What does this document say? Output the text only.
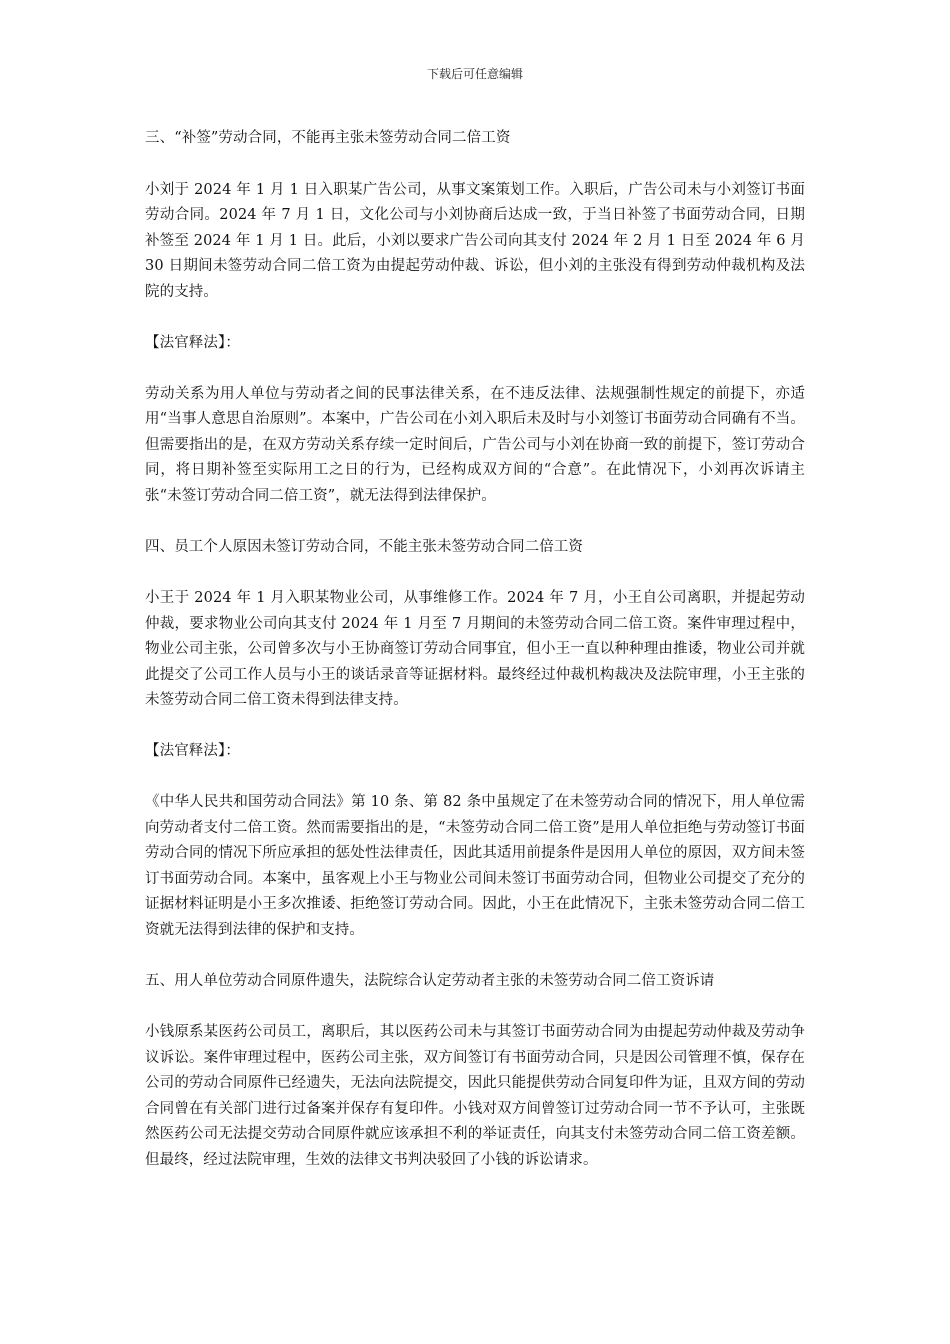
下载后可任意编辑

三、“补签”劳动合同，不能再主张未签劳动合同二倍工资

小刘于 2024 年 1 月 1 日入职某广告公司，从事文案策划工作。入职后，广告公司未与小刘签订书面劳动合同。2024 年 7 月 1 日，文化公司与小刘协商后达成一致，于当日补签了书面劳动合同，日期补签至 2024 年 1 月 1 日。此后，小刘以要求广告公司向其支付 2024 年 2 月 1 日至 2024 年 6 月 30 日期间未签劳动合同二倍工资为由提起劳动仲裁、诉讼，但小刘的主张没有得到劳动仲裁机构及法院的支持。

【法官释法】：

劳动关系为用人单位与劳动者之间的民事法律关系，在不违反法律、法规强制性规定的前提下，亦适用“当事人意思自治原则”。本案中，广告公司在小刘入职后未及时与小刘签订书面劳动合同确有不当。但需要指出的是，在双方劳动关系存续一定时间后，广告公司与小刘在协商一致的前提下，签订劳动合同，将日期补签至实际用工之日的行为，已经构成双方间的“合意”。在此情况下，小刘再次诉请主张“未签订劳动合同二倍工资”，就无法得到法律保护。

四、员工个人原因未签订劳动合同，不能主张未签劳动合同二倍工资

小王于 2024 年 1 月入职某物业公司，从事维修工作。2024 年 7 月，小王自公司离职，并提起劳动仲裁，要求物业公司向其支付 2024 年 1 月至 7 月期间的未签劳动合同二倍工资。案件审理过程中，物业公司主张，公司曾多次与小王协商签订劳动合同事宜，但小王一直以种种理由推诿，物业公司并就此提交了公司工作人员与小王的谈话录音等证据材料。最终经过仲裁机构裁决及法院审理，小王主张的未签劳动合同二倍工资未得到法律支持。

【法官释法】：

《中华人民共和国劳动合同法》第 10 条、第 82 条中虽规定了在未签劳动合同的情况下，用人单位需向劳动者支付二倍工资。然而需要指出的是，“未签劳动合同二倍工资”是用人单位拒绝与劳动签订书面劳动合同的情况下所应承担的惩处性法律责任，因此其适用前提条件是因用人单位的原因，双方间未签订书面劳动合同。本案中，虽客观上小王与物业公司间未签订书面劳动合同，但物业公司提交了充分的证据材料证明是小王多次推诿、拒绝签订劳动合同。因此，小王在此情况下，主张未签劳动合同二倍工资就无法得到法律的保护和支持。

五、用人单位劳动合同原件遗失，法院综合认定劳动者主张的未签劳动合同二倍工资诉请

小钱原系某医药公司员工，离职后，其以医药公司未与其签订书面劳动合同为由提起劳动仲裁及劳动争议诉讼。案件审理过程中，医药公司主张，双方间签订有书面劳动合同，只是因公司管理不慎，保存在公司的劳动合同原件已经遗失，无法向法院提交，因此只能提供劳动合同复印件为证，且双方间的劳动合同曾在有关部门进行过备案并保存有复印件。小钱对双方间曾签订过劳动合同一节不予认可，主张既然医药公司无法提交劳动合同原件就应该承担不利的举证责任，向其支付未签劳动合同二倍工资差额。但最终，经过法院审理，生效的法律文书判决驳回了小钱的诉讼请求。
